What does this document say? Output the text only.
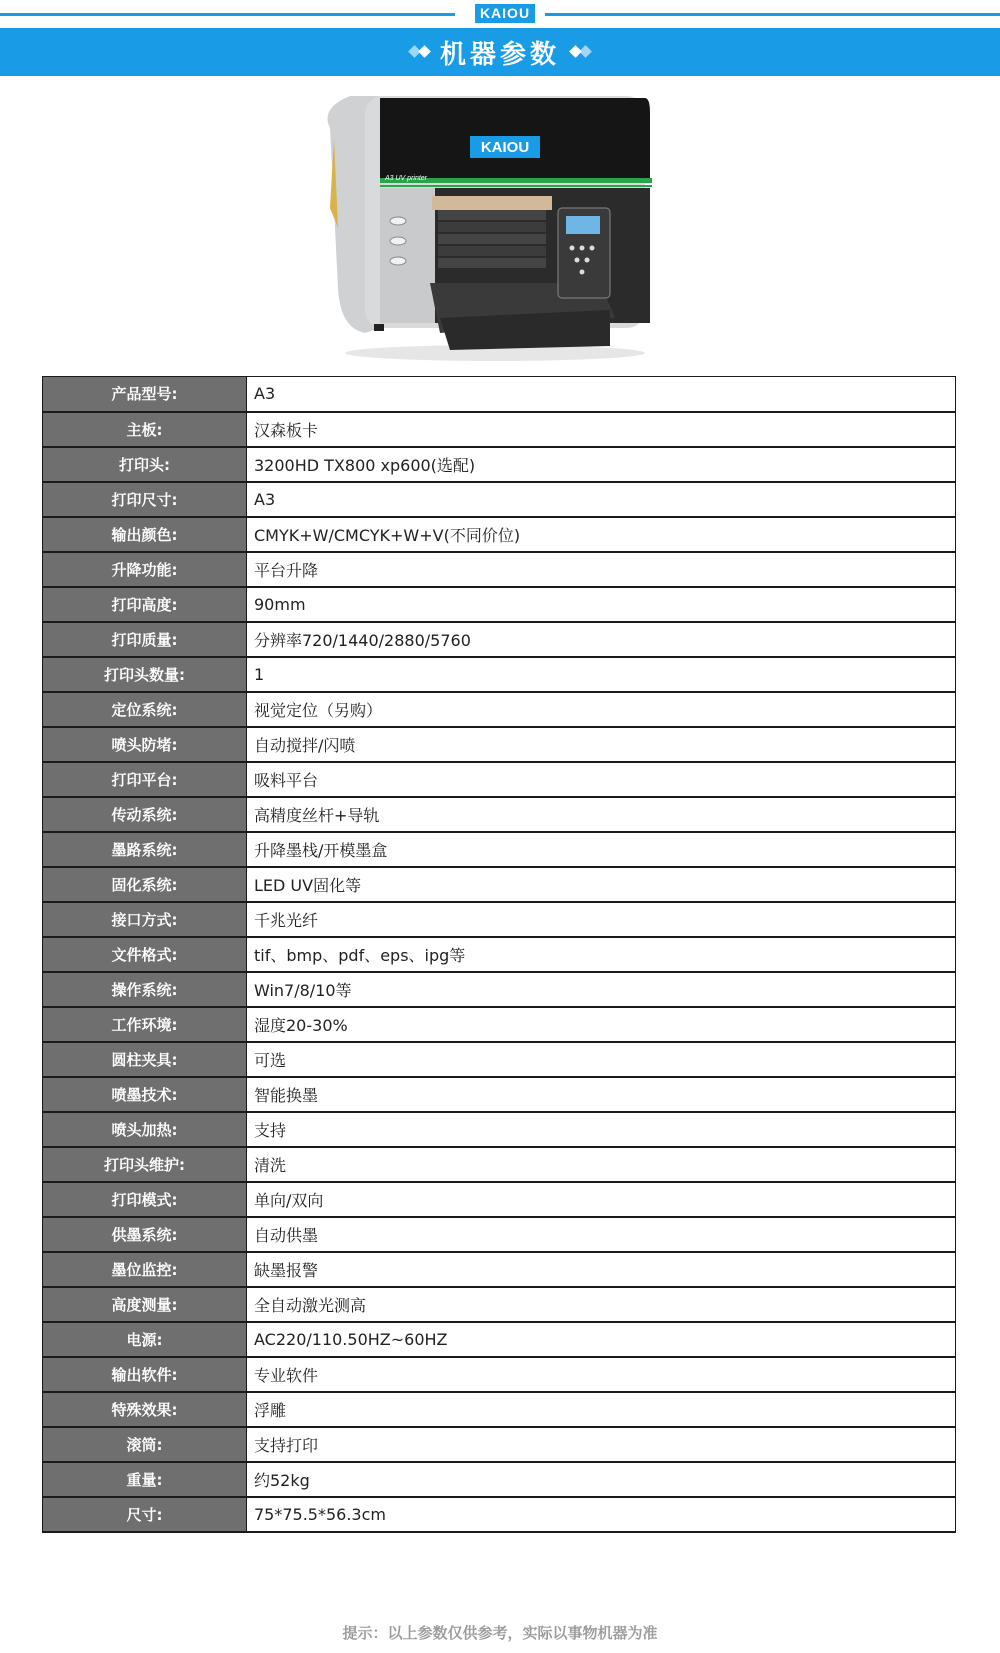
KAIOU
机器参数
KAIOU
A3 UV printer
产品型号:	A3
主板:	汉森板卡
打印头:	3200HD TX800 xp600(选配)
打印尺寸:	A3
输出颜色:	CMYK+W/CMCYK+W+V(不同价位)
升降功能:	平台升降
打印高度:	90mm
打印质量:	分辨率720/1440/2880/5760
打印头数量:	1
定位系统:	视觉定位（另购）
喷头防堵:	自动搅拌/闪喷
打印平台:	吸料平台
传动系统:	高精度丝杆+导轨
墨路系统:	升降墨栈/开模墨盒
固化系统:	LED UV固化等
接口方式:	千兆光纤
文件格式:	tif、bmp、pdf、eps、ipg等
操作系统:	Win7/8/10等
工作环境:	湿度20-30%
圆柱夹具:	可选
喷墨技术:	智能换墨
喷头加热:	支持
打印头维护:	清洗
打印模式:	单向/双向
供墨系统:	自动供墨
墨位监控:	缺墨报警
高度测量:	全自动激光测高
电源:	AC220/110.50HZ~60HZ
输出软件:	专业软件
特殊效果:	浮雕
滚筒:	支持打印
重量:	约52kg
尺寸:	75*75.5*56.3cm
提示：以上参数仅供参考，实际以事物机器为准
